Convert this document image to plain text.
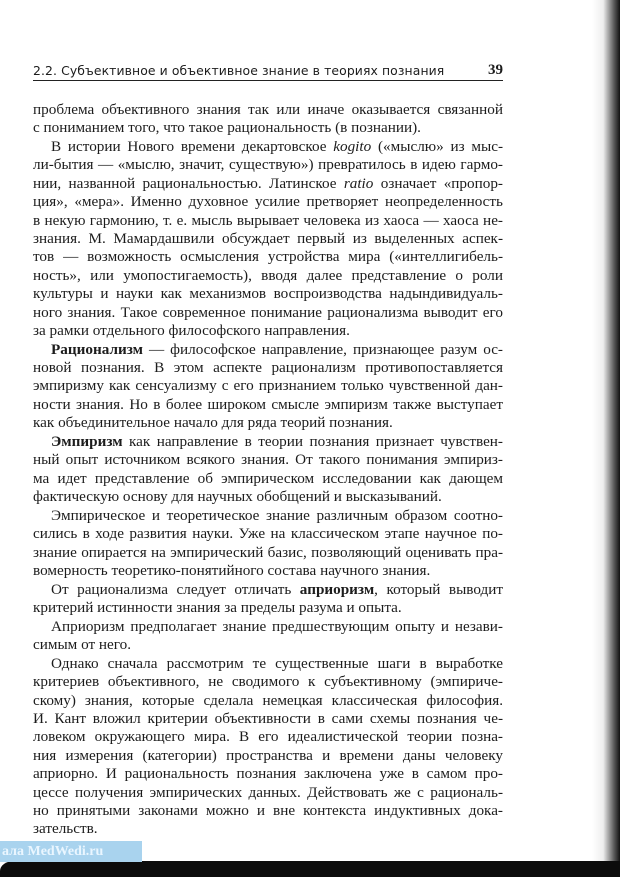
2.2. Субъективное и объективное знание в теориях познания	39
проблема объективного знания так или иначе оказывается связанной
с пониманием того, что такое рациональность (в познании).
В истории Нового времени декартовское kogito («мыслю» из мыс-
ли-бытия — «мыслю, значит, существую») превратилось в идею гармо-
нии, названной рациональностью. Латинское ratio означает «пропор-
ция», «мера». Именно духовное усилие претворяет неопределенность
в некую гармонию, т. е. мысль вырывает человека из хаоса — хаоса не-
знания. М. Мамардашвили обсуждает первый из выделенных аспек-
тов — возможность осмысления устройства мира («интеллигибель-
ность», или умопостигаемость), вводя далее представление о роли
культуры и науки как механизмов воспроизводства надындивидуаль-
ного знания. Такое современное понимание рационализма выводит его
за рамки отдельного философского направления.
Рационализм — философское направление, признающее разум ос-
новой познания. В этом аспекте рационализм противопоставляется
эмпиризму как сенсуализму с его признанием только чувственной дан-
ности знания. Но в более широком смысле эмпиризм также выступает
как объединительное начало для ряда теорий познания.
Эмпиризм как направление в теории познания признает чувствен-
ный опыт источником всякого знания. От такого понимания эмпириз-
ма идет представление об эмпирическом исследовании как дающем
фактическую основу для научных обобщений и высказываний.
Эмпирическое и теоретическое знание различным образом соотно-
сились в ходе развития науки. Уже на классическом этапе научное по-
знание опирается на эмпирический базис, позволяющий оценивать пра-
вомерность теоретико-понятийного состава научного знания.
От рационализма следует отличать априоризм, который выводит
критерий истинности знания за пределы разума и опыта.
Априоризм предполагает знание предшествующим опыту и незави-
симым от него.
Однако сначала рассмотрим те существенные шаги в выработке
критериев объективного, не сводимого к субъективному (эмпириче-
скому) знания, которые сделала немецкая классическая философия.
И. Кант вложил критерии объективности в сами схемы познания че-
ловеком окружающего мира. В его идеалистической теории позна-
ния измерения (категории) пространства и времени даны человеку
априорно. И рациональность познания заключена уже в самом про-
цессе получения эмпирических данных. Действовать же с рациональ-
но принятыми законами можно и вне контекста индуктивных дока-
зательств.
ала MedWedi.ru
